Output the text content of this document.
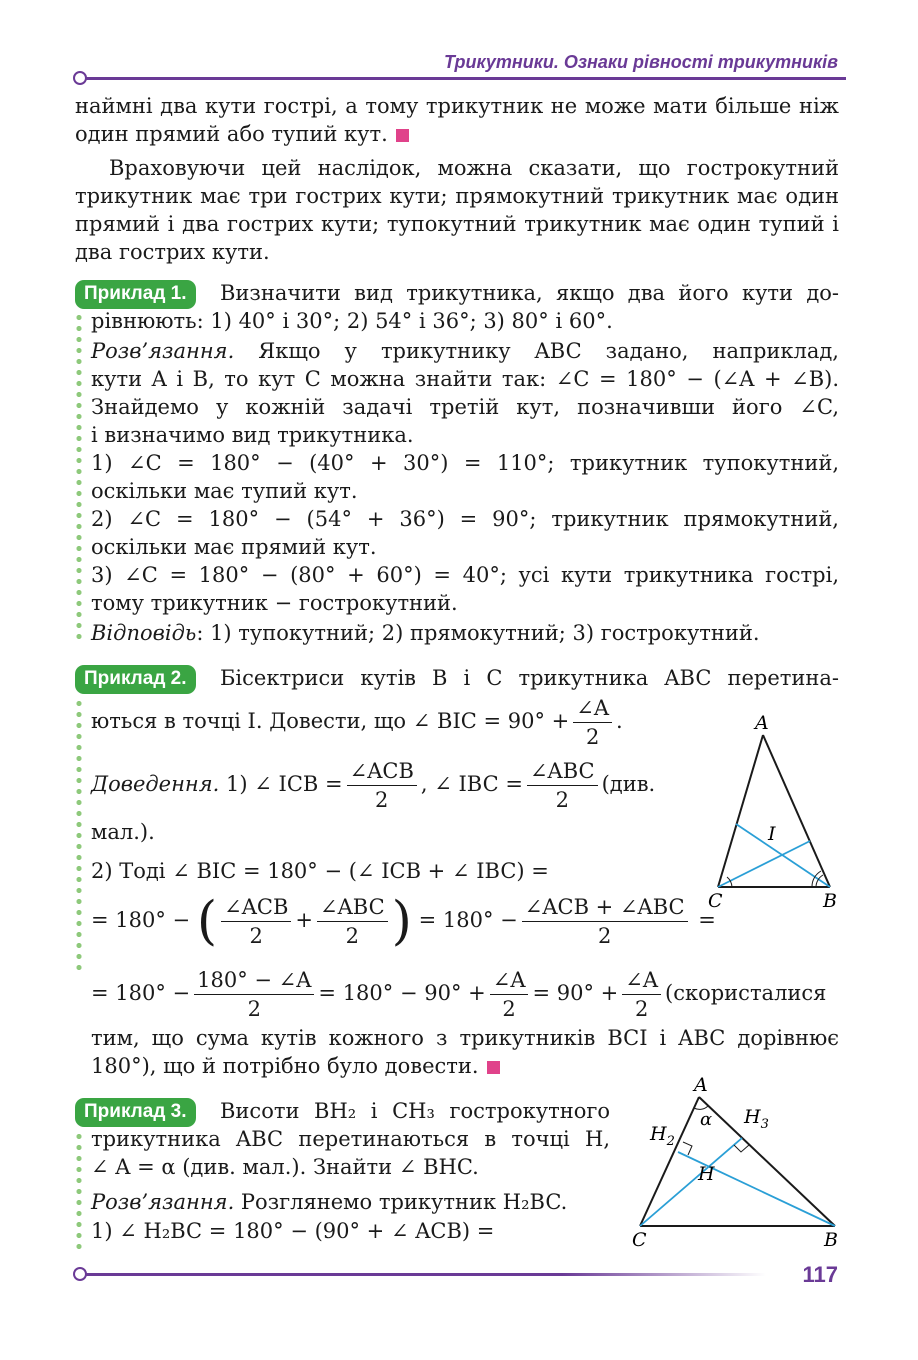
Трикутники. Ознаки рівності трикутників

наймні два кути гострі, а тому трикутник не може мати більше ніж один прямий або тупий кут.

Враховуючи цей наслідок, можна сказати, що гострокутний трикутник має три гострих кути; прямокутний трикутник має один прямий і два гострих кути; тупокутний трикутник має один тупий і два гострих кути.

Приклад 1.	Визначити вид трикутника, якщо два його кути до-
рівнюють: 1) 40° і 30°; 2) 54° і 36°; 3) 80° і 60°.
Розв’язання. Якщо у трикутнику ABC задано, наприклад,
кути A і B, то кут C можна знайти так: ∠C = 180° − (∠A + ∠B).
Знайдемо у кожній задачі третій кут, позначивши його ∠C,
і визначимо вид трикутника.
1) ∠C = 180° − (40° + 30°) = 110°; трикутник тупокутний,
оскільки має тупий кут.
2) ∠C = 180° − (54° + 36°) = 90°; трикутник прямокутний,
оскільки має прямий кут.
3) ∠C = 180° − (80° + 60°) = 40°; усі кути трикутника гострі,
тому трикутник − гострокутний.
Відповідь: 1) тупокутний; 2) прямокутний; 3) гострокутний.
Приклад 2.	Бісектриси кутів B і C трикутника ABC перетина-
ються в точці I. Довести, що ∠ BIC = $90^\circ + \frac{\angle A}{2}$ .
Доведення. 1) ∠ ICB = $\frac{\text{∠ACB}}{2}$ , ∠ IBC = $\frac{\text{∠ABC}}{2} (див$.
мал.).
2) Тоді ∠ BIC = 180° − (∠ ICB + ∠ IBC) =
= 180° − ( $\frac{\text{∠ACB}}{2} + \frac{\text{∠ABC}}{2}$ ) = $180^\circ - \frac{\text{∠ACB + ∠ABC}}{2}$ =
= $180^\circ - \frac{180^\circ - \angle A}{2} = 180^\circ - 90^\circ + \frac{\angle A}{2} = 90^\circ + \frac{\angle A}{2}$ (скористалися
тим, що сума кутів кожного з трикутників BCI і ABC дорівнює
180°), що й потрібно було довести.
A
B
C
I
Приклад 3.	Висоти BH₂ і CH₃ гострокутного
трикутника ABC перетинаються в точці H,
∠ A = α (див. мал.). Знайти ∠ BHC.
Розв’язання. Розглянемо трикутник H₂BC.
1) ∠ H₂BC = 180° − (90° + ∠ ACB) =
A
B
C
H
α
$H_2$
$H_3$
117
